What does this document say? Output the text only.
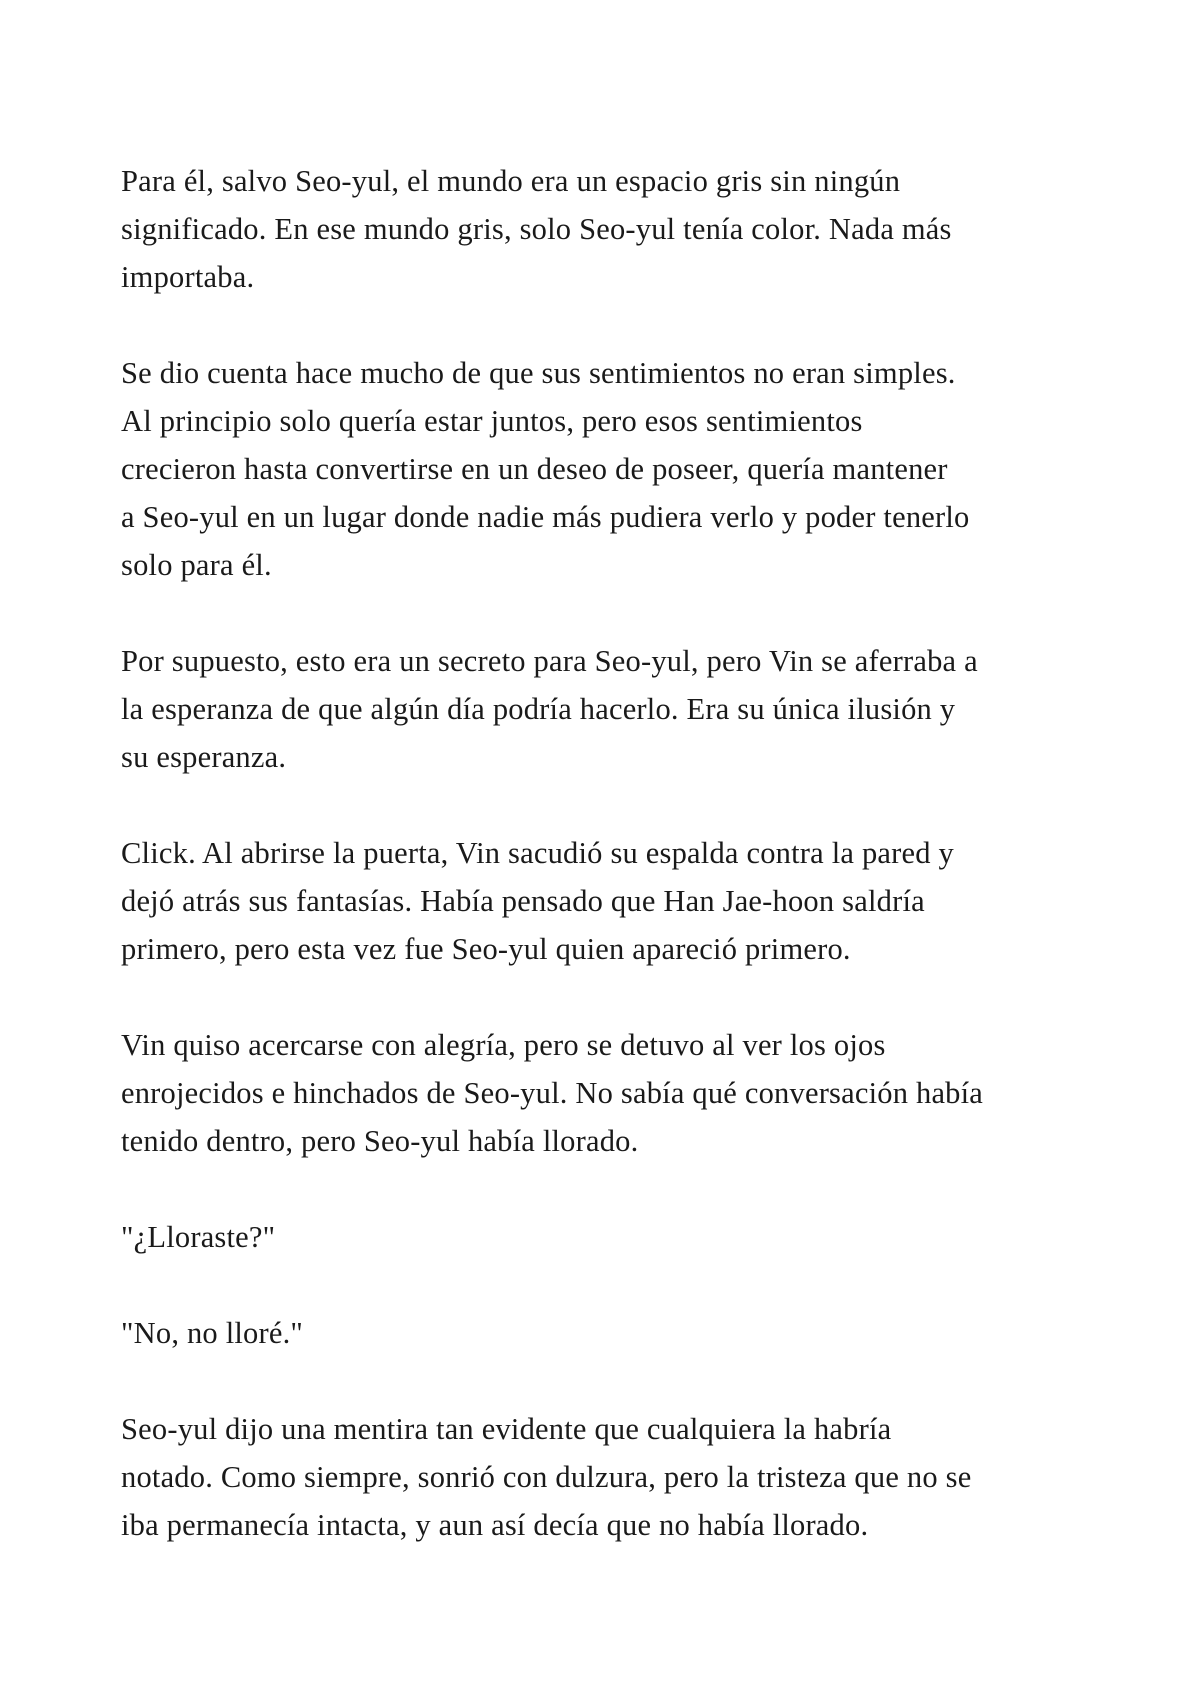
Para él, salvo Seo-yul, el mundo era un espacio gris sin ningún
significado. En ese mundo gris, solo Seo-yul tenía color. Nada más
importaba.

Se dio cuenta hace mucho de que sus sentimientos no eran simples.
Al principio solo quería estar juntos, pero esos sentimientos
crecieron hasta convertirse en un deseo de poseer, quería mantener
a Seo-yul en un lugar donde nadie más pudiera verlo y poder tenerlo
solo para él.

Por supuesto, esto era un secreto para Seo-yul, pero Vin se aferraba a
la esperanza de que algún día podría hacerlo. Era su única ilusión y
su esperanza.

Click. Al abrirse la puerta, Vin sacudió su espalda contra la pared y
dejó atrás sus fantasías. Había pensado que Han Jae-hoon saldría
primero, pero esta vez fue Seo-yul quien apareció primero.

Vin quiso acercarse con alegría, pero se detuvo al ver los ojos
enrojecidos e hinchados de Seo-yul. No sabía qué conversación había
tenido dentro, pero Seo-yul había llorado.

"¿Lloraste?"

"No, no lloré."

Seo-yul dijo una mentira tan evidente que cualquiera la habría
notado. Como siempre, sonrió con dulzura, pero la tristeza que no se
iba permanecía intacta, y aun así decía que no había llorado.
